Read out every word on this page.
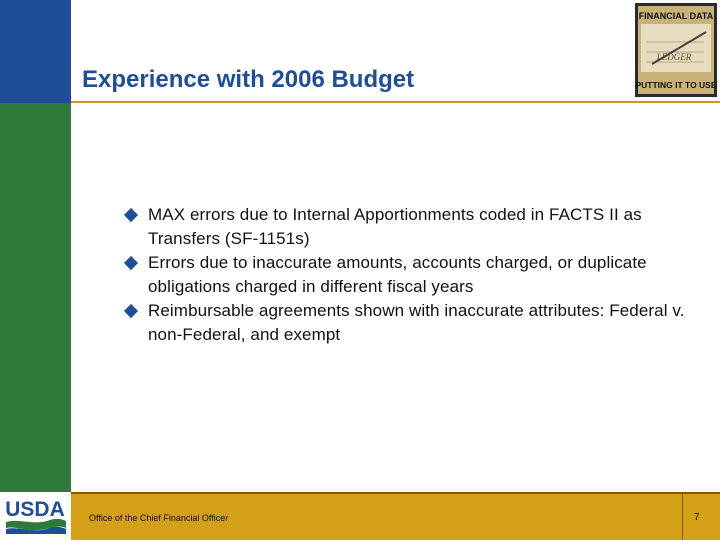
Experience with 2006 Budget
LEDGER
FINANCIAL DATA
PUTTING IT TO USE
MAX errors due to Internal Apportionments coded in FACTS II as Transfers (SF-1151s)
Errors due to inaccurate amounts, accounts charged, or duplicate obligations charged in different fiscal years
Reimbursable agreements shown with inaccurate attributes: Federal v. non-Federal, and exempt
USDA	Office of the Chief Financial Officer	7
